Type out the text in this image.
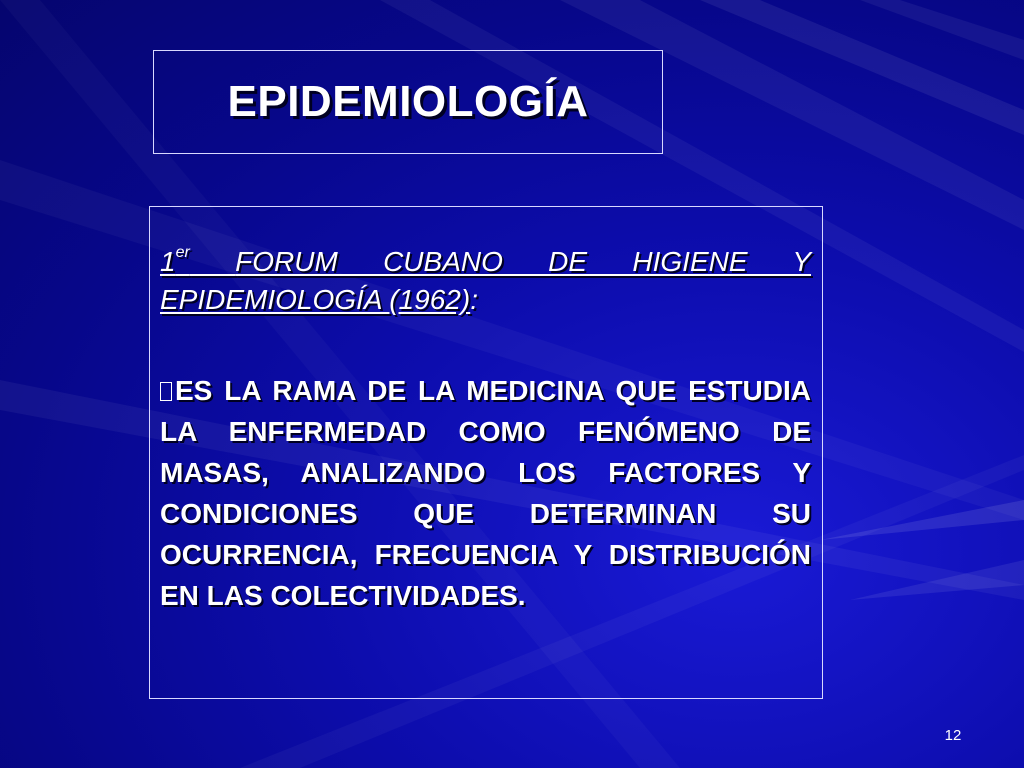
EPIDEMIOLOGÍA

1er FORUM CUBANO DE HIGIENE Y EPIDEMIOLOGÍA (1962):

ES LA RAMA DE LA MEDICINA QUE ESTUDIA LA ENFERMEDAD COMO FENÓMENO DE MASAS, ANALIZANDO LOS FACTORES Y CONDICIONES QUE DETERMINAN SU OCURRENCIA, FRECUENCIA Y DISTRIBUCIÓN EN LAS COLECTIVIDADES.

12
